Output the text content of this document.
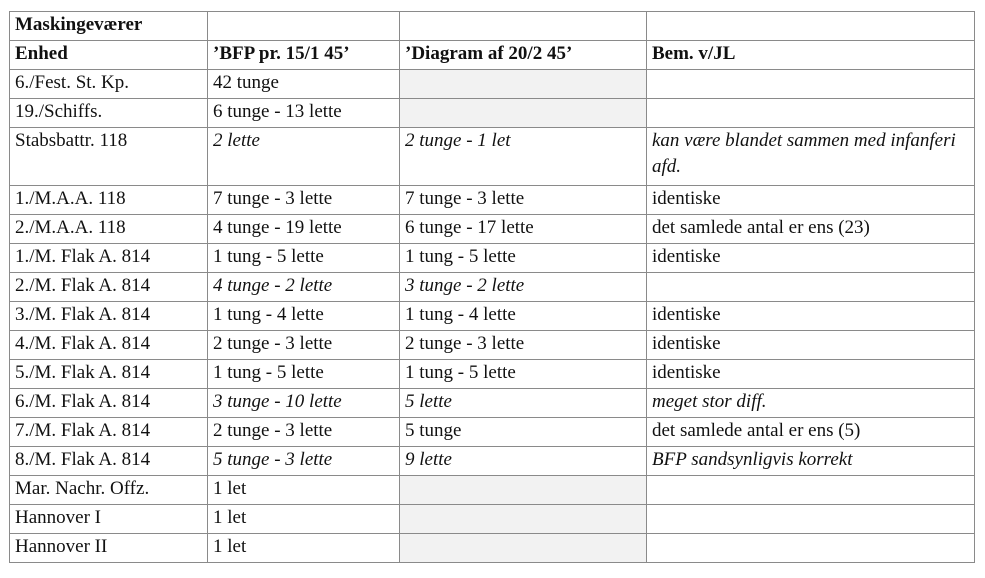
Maskingeværer			
Enhed	’BFP pr. 15/1 45’	’Diagram af 20/2 45’	Bem. v/JL
6./Fest. St. Kp.	42 tunge		
19./Schiffs.	6 tunge - 13 lette		
Stabsbattr. 118	2 lette	2 tunge - 1 let	kan være blandet sammen med infanferi afd.
1./M.A.A. 118	7 tunge - 3 lette	7 tunge - 3 lette	identiske
2./M.A.A. 118	4 tunge - 19 lette	6 tunge - 17 lette	det samlede antal er ens (23)
1./M. Flak A. 814	1 tung - 5 lette	1 tung - 5 lette	identiske
2./M. Flak A. 814	4 tunge - 2 lette	3 tunge - 2 lette	
3./M. Flak A. 814	1 tung - 4 lette	1 tung - 4 lette	identiske
4./M. Flak A. 814	2 tunge - 3 lette	2 tunge - 3 lette	identiske
5./M. Flak A. 814	1 tung - 5 lette	1 tung - 5 lette	identiske
6./M. Flak A. 814	3 tunge - 10 lette	5 lette	meget stor diff.
7./M. Flak A. 814	2 tunge - 3 lette	5 tunge	det samlede antal er ens (5)
8./M. Flak A. 814	5 tunge - 3 lette	9 lette	BFP sandsynligvis korrekt
Mar. Nachr. Offz.	1 let		
Hannover I	1 let		
Hannover II	1 let		
